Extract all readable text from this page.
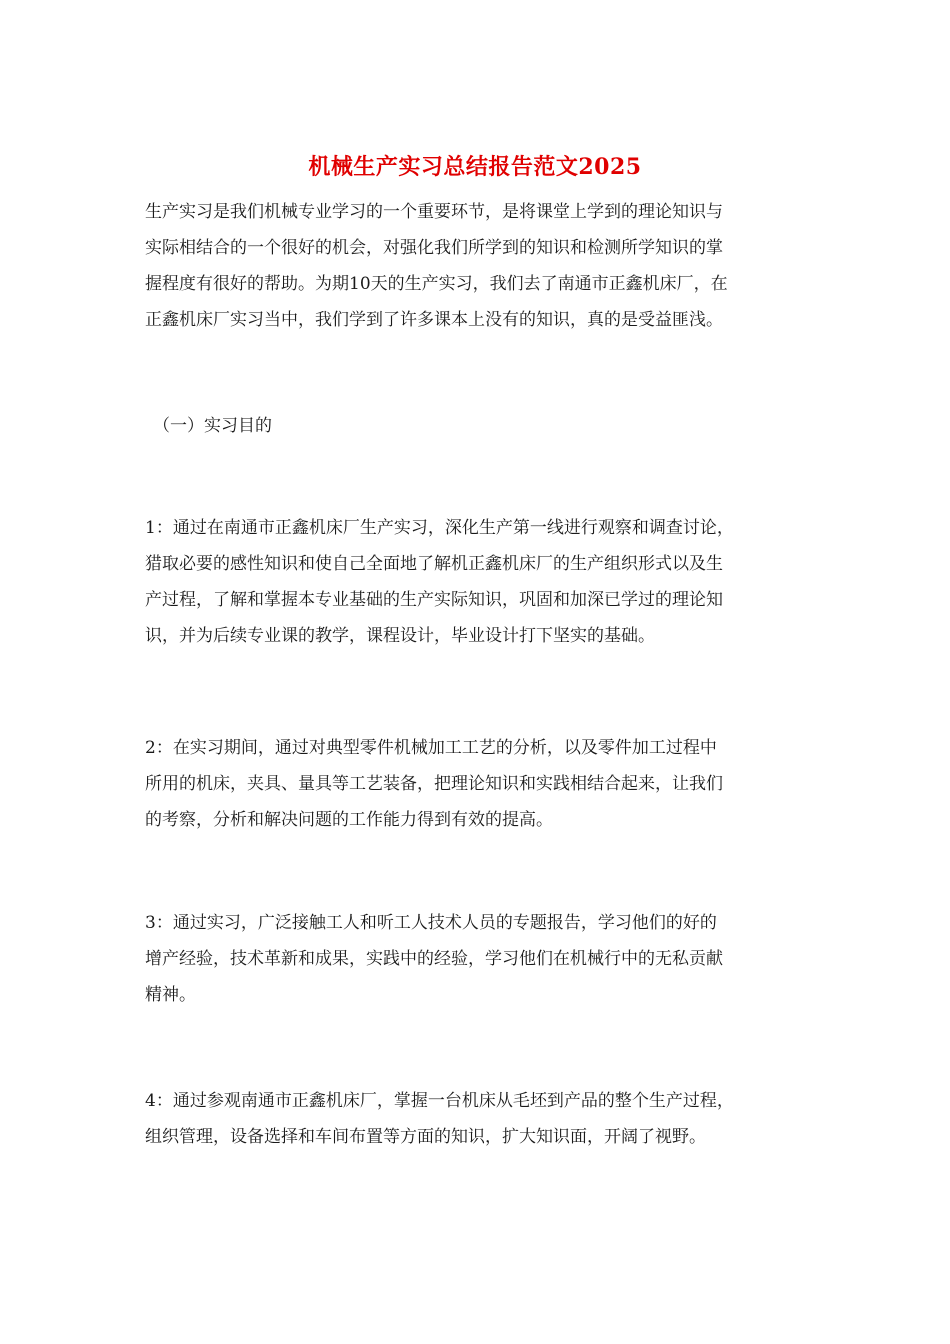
机械生产实习总结报告范文2025

生产实习是我们机械专业学习的一个重要环节，是将课堂上学到的理论知识与
实际相结合的一个很好的机会，对强化我们所学到的知识和检测所学知识的掌
握程度有很好的帮助。为期10天的生产实习，我们去了南通市正鑫机床厂，在
正鑫机床厂实习当中，我们学到了许多课本上没有的知识，真的是受益匪浅。

（一）实习目的

1：通过在南通市正鑫机床厂生产实习，深化生产第一线进行观察和调查讨论，
猎取必要的感性知识和使自己全面地了解机正鑫机床厂的生产组织形式以及生
产过程，了解和掌握本专业基础的生产实际知识，巩固和加深已学过的理论知
识，并为后续专业课的教学，课程设计，毕业设计打下坚实的基础。

2：在实习期间，通过对典型零件机械加工工艺的分析，以及零件加工过程中
所用的机床，夹具、量具等工艺装备，把理论知识和实践相结合起来，让我们
的考察，分析和解决问题的工作能力得到有效的提高。

3：通过实习，广泛接触工人和听工人技术人员的专题报告，学习他们的好的
增产经验，技术革新和成果，实践中的经验，学习他们在机械行中的无私贡献
精神。

4：通过参观南通市正鑫机床厂，掌握一台机床从毛坯到产品的整个生产过程，
组织管理，设备选择和车间布置等方面的知识，扩大知识面，开阔了视野。
